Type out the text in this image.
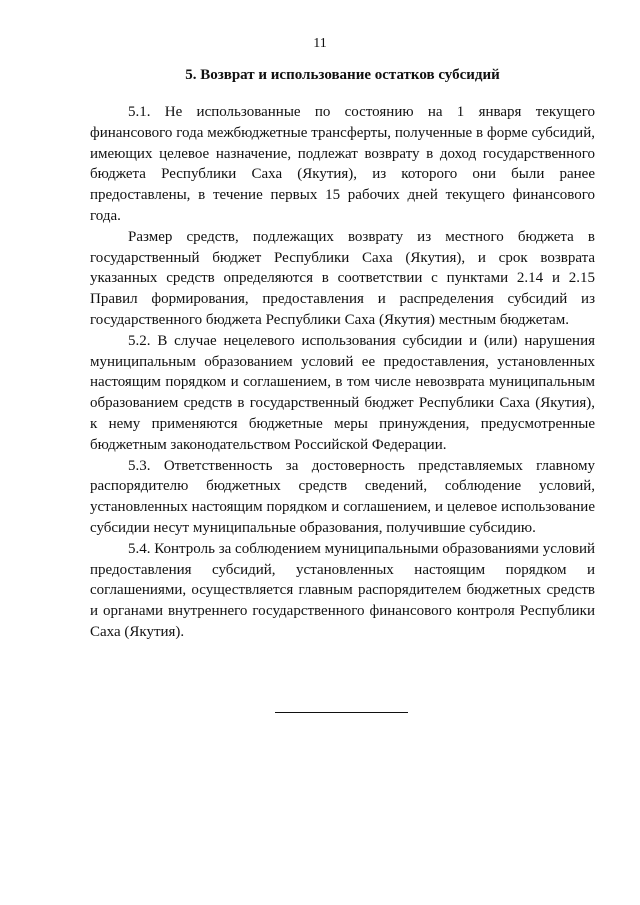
11
5. Возврат и использование остатков субсидий

5.1. Не использованные по состоянию на 1 января текущего финансового года межбюджетные трансферты, полученные в форме субсидий, имеющих целевое назначение, подлежат возврату в доход государственного бюджета Республики Саха (Якутия), из которого они были ранее предоставлены, в течение первых 15 рабочих дней текущего финансового года.

Размер средств, подлежащих возврату из местного бюджета в государственный бюджет Республики Саха (Якутия), и срок возврата указанных средств определяются в соответствии с пунктами 2.14 и 2.15 Правил формирования, предоставления и распределения субсидий из государственного бюджета Республики Саха (Якутия) местным бюджетам.

5.2. В случае нецелевого использования субсидии и (или) нарушения муниципальным образованием условий ее предоставления, установленных настоящим порядком и соглашением, в том числе невозврата муниципальным образованием средств в государственный бюджет Республики Саха (Якутия), к нему применяются бюджетные меры принуждения, предусмотренные бюджетным законодательством Российской Федерации.

5.3. Ответственность за достоверность представляемых главному распорядителю бюджетных средств сведений, соблюдение условий, установленных настоящим порядком и соглашением, и целевое использование субсидии несут муниципальные образования, получившие субсидию.

5.4. Контроль за соблюдением муниципальными образованиями условий предоставления субсидий, установленных настоящим порядком и соглашениями, осуществляется главным распорядителем бюджетных средств и органами внутреннего государственного финансового контроля Республики Саха (Якутия).
